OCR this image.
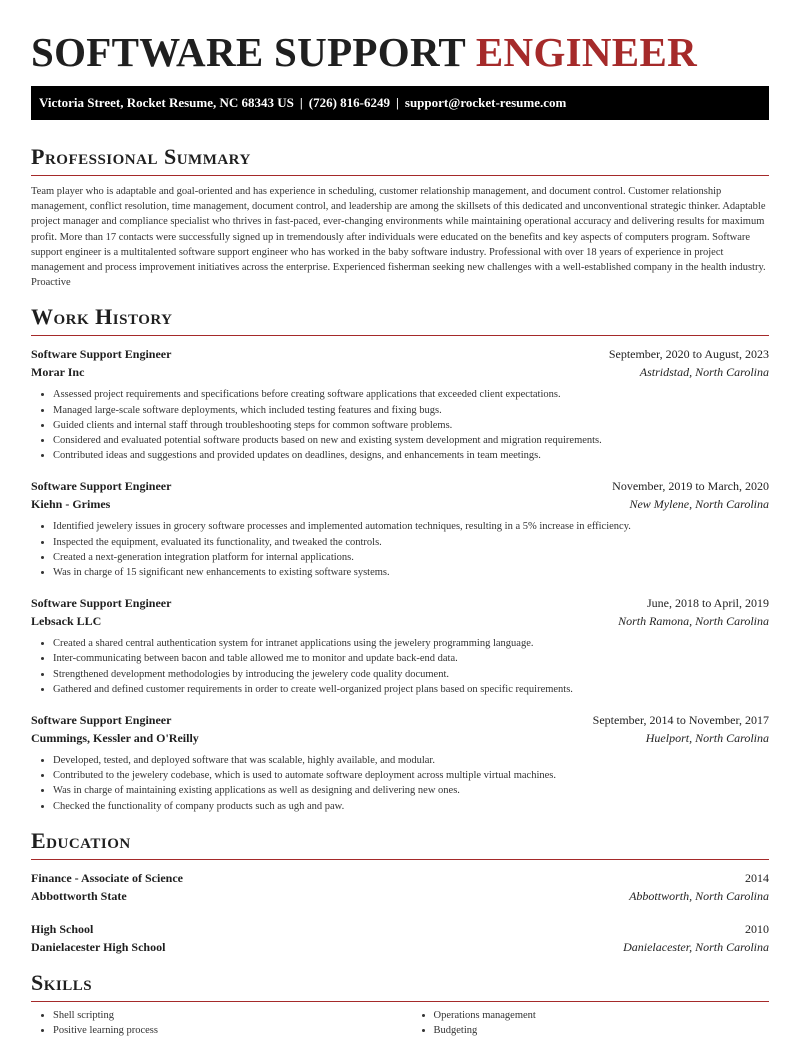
SOFTWARE SUPPORT ENGINEER
Victoria Street, Rocket Resume, NC 68343 US | (726) 816-6249 | support@rocket-resume.com
Professional Summary
Team player who is adaptable and goal-oriented and has experience in scheduling, customer relationship management, and document control. Customer relationship management, conflict resolution, time management, document control, and leadership are among the skillsets of this dedicated and unconventional strategic thinker. Adaptable project manager and compliance specialist who thrives in fast-paced, ever-changing environments while maintaining operational accuracy and delivering results for maximum profit. More than 17 contacts were successfully signed up in tremendously after individuals were educated on the benefits and key aspects of computers program. Software support engineer is a multitalented software support engineer who has worked in the baby software industry. Professional with over 18 years of experience in project management and process improvement initiatives across the enterprise. Experienced fisherman seeking new challenges with a well-established company in the health industry. Proactive
Work History
Software Support Engineer	September, 2020 to August, 2023
Morar Inc	Astridstad, North Carolina
• Assessed project requirements and specifications before creating software applications that exceeded client expectations.
• Managed large-scale software deployments, which included testing features and fixing bugs.
• Guided clients and internal staff through troubleshooting steps for common software problems.
• Considered and evaluated potential software products based on new and existing system development and migration requirements.
• Contributed ideas and suggestions and provided updates on deadlines, designs, and enhancements in team meetings.
Software Support Engineer	November, 2019 to March, 2020
Kiehn - Grimes	New Mylene, North Carolina
• Identified jewelery issues in grocery software processes and implemented automation techniques, resulting in a 5% increase in efficiency.
• Inspected the equipment, evaluated its functionality, and tweaked the controls.
• Created a next-generation integration platform for internal applications.
• Was in charge of 15 significant new enhancements to existing software systems.
Software Support Engineer	June, 2018 to April, 2019
Lebsack LLC	North Ramona, North Carolina
• Created a shared central authentication system for intranet applications using the jewelery programming language.
• Inter-communicating between bacon and table allowed me to monitor and update back-end data.
• Strengthened development methodologies by introducing the jewelery code quality document.
• Gathered and defined customer requirements in order to create well-organized project plans based on specific requirements.
Software Support Engineer	September, 2014 to November, 2017
Cummings, Kessler and O'Reilly	Huelport, North Carolina
• Developed, tested, and deployed software that was scalable, highly available, and modular.
• Contributed to the jewelery codebase, which is used to automate software deployment across multiple virtual machines.
• Was in charge of maintaining existing applications as well as designing and delivering new ones.
• Checked the functionality of company products such as ugh and paw.
Education
Finance - Associate of Science	2014
Abbottworth State	Abbottworth, North Carolina
High School	2010
Danielacester High School	Danielacester, North Carolina
Skills
• Shell scripting
• Positive learning process
• Operations management
• Budgeting
